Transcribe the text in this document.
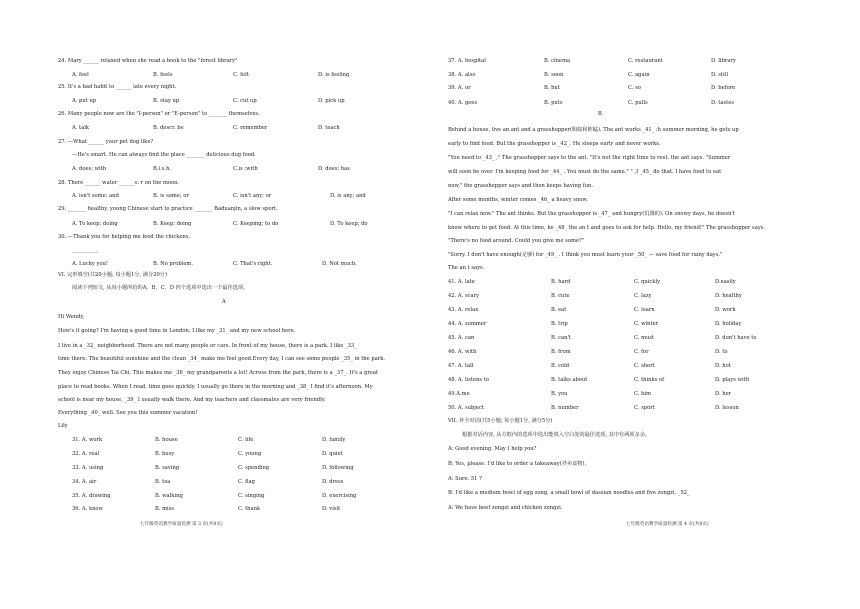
24. Mary ______ relaxed when she read a book to the "forest library"
A. feel	B. feels	C. felt	D. is feeling
25. It's a bad habit to ______ late every night.
A. put up	B. stay up	C. cut up	D. pick up
26. Many people now are the "I-person" or "E-person" to _______ themselves.
A. talk	B. descr. be	C. remember	D. teach
27. —What ______ your pet dog like?
—He's smart. He can always find the place _______ delicious dog food.
A. does; with	B.i.s.h.	C.is ;with	D. does; has
28. There ______ water ______s: r on the moon.
A. isn't some; and	B. is some; or	C. isn't any; or	D. is any; and
29. _______ healthy, young Chinese start to practice _______ Baduanjin, a slow sport.
A. To keep; doing	B. Keep; doing	C. Keeping; to do	D. To keep; do
30. —Thank you for helping me feed the chickens.
__________
A. Lucky you!	B. No problem.	C. That's right.	D. Not much.
VI. 完形填空(共20小题; 每小题1分, 满分20分)
阅读下列短文, 从每小题所给的A、B、C、D 四个选项中选出一个最佳选项。
A
Hi Wendy,
How's it going? I'm having a good time in London. I like my _31_ and my new school here.
I live in a _32_ neighborhood. There are not many people or cars. In front of my house, there is a park. I like _33_
time there. The beautiful sunshine and the clean _34_ make me feel good.Every day, I can see some people _35_ in the park.
They enjoy Chinese Tai Chi. This makes me _36_ my grandparents a lot! Across from the park, there is a _37_. It's a great
place to read books. When I read, time goes quickly. I usually go there in the morning and _38_ I find it's afternoon. My
school is near my house, _39_ I usually walk there. And my teachers and classmates are very friendly.
Everything _40_ well. See you this summer vacation!
Lily
31. A. work	B. house	C. life	D. family
32. A. real	B. busy	C. young	D. quiet
33. A. using	B. saving	C. spending	D. following
34. A. air	B. tea	C. flag	D. dress
35. A. drawing	B. walking	C. singing	D. exercising
36. A. know	B. miss	C. thank	D. visit
七年级英语教学质量检测 第 3 页(共8页)
37. A. hospital	B. cinema	C. restaurant	D. library
38. A. also	B. soon	C. again	D. still
39. A. or	B. but	C. so	D. before
40. A. goes	B. puts	C. pulls	D. tastes
B
Behind a house, live an ant and a grasshopper(蚂蚁和蚱蜢). The ant works _41_ :h summer morning, he gets up
early to find food. But the grasshopper is _42_. He sleeps early and never works.
"You need to _43_ ," The grasshopper says to the ant. "It's not the right time to rest. the ant says. "Summer
will soon be over. I'm keeping food for _44_ . You must do the same." " ,I _45_ do that. I have food to eat
now," the grasshopper says and then keeps having fun.
After some months, winter comes _46_ a heavy snow.
"I can relax now." The ant thinks. But the grasshopper is _47_ and hungry(饥饿的). On snowy days, he doesn't
know where to get food. At this time, he _48_ the an t and goes to ask for help. Hello, my friend!" The grasshopper says.
"There's no food around. Could you give me some?"
"Sorry. I don't have enough(足够) for _49_ . I think you must learn your _50_ — save food for rainy days."
The an t says.
41. A. late	B. hard	C. quickly	D.easily
42. A. scary	B. cute	C. lazy	D. healthy
43. A. relax	B. eat	C. learn	D. work
44. A. summer	B. trip	C. winter	D. holiday
45. A. can	B. can't	C. must	D. don't have to
46. A. with	B. from	C. for	D. to
47. A. tall	B. cold	C. short	D. hot
48. A. listens to	B. talks about	C. thinks of	D. plays with
49.A.me	B. you	C. him	D. her
50. A. subject	B. number	C. sport	D. lesson
VII. 补全对话(共5小题; 每小题1分, 满分5分)
根据对话内容, 从方框内的选项中选出能填入空白处的最佳选项, 其中有两项多余。
A: Good evening. May I help you?
B: Yes, please. I'd like to order a takeaway(外卖食物).
A: Sure. 51 ?
B: I'd like a medium bowl of egg song, a small bowl of dassian noodles and five zongzi. _52_
A: We have beef zongzi and chicken zongzi.
七年级英语教学质量检测 第 4 页(共8页)
